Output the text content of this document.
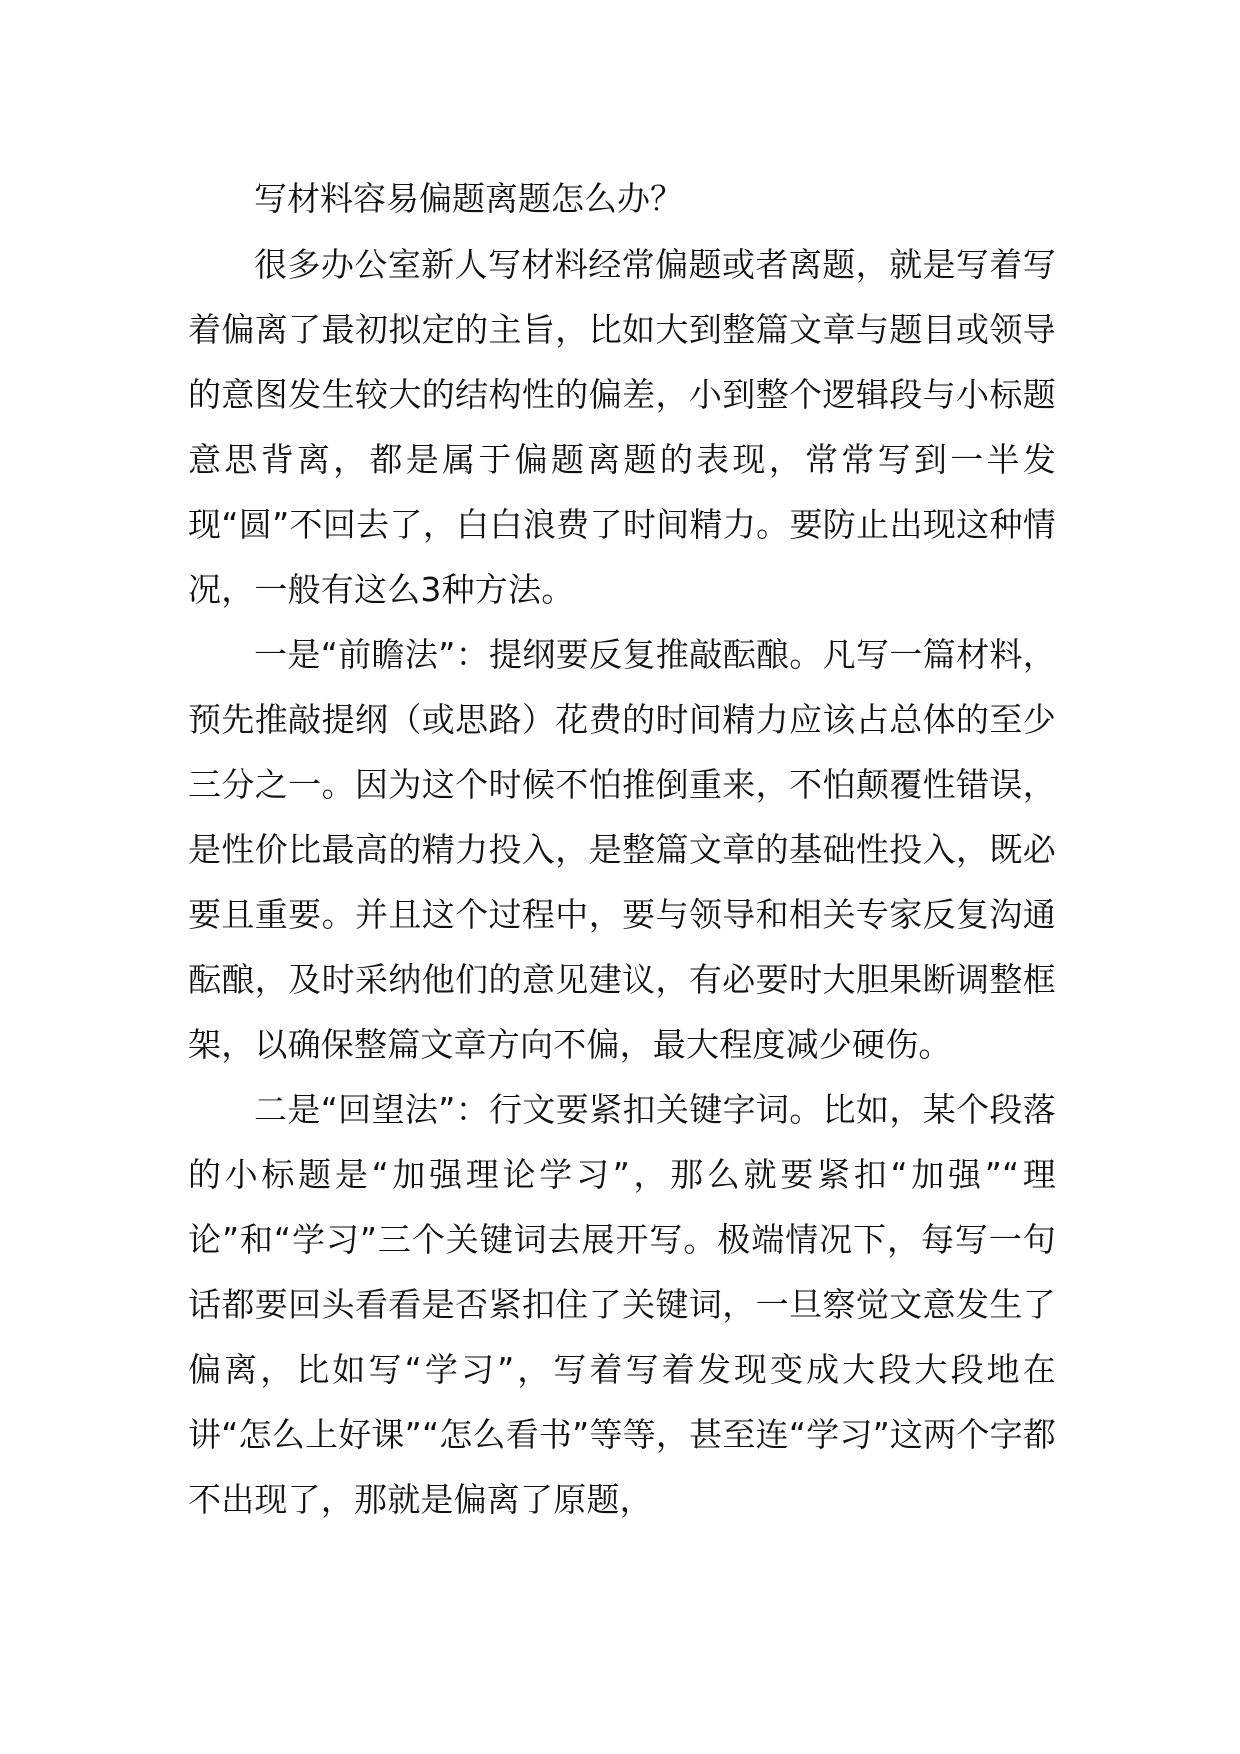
写材料容易偏题离题怎么办？

很多办公室新人写材料经常偏题或者离题，就是写着写着偏离了最初拟定的主旨，比如大到整篇文章与题目或领导的意图发生较大的结构性的偏差，小到整个逻辑段与小标题意思背离，都是属于偏题离题的表现，常常写到一半发现“圆”不回去了，白白浪费了时间精力。要防止出现这种情况，一般有这么3种方法。

一是“前瞻法”：提纲要反复推敲酝酿。凡写一篇材料，预先推敲提纲（或思路）花费的时间精力应该占总体的至少三分之一。因为这个时候不怕推倒重来，不怕颠覆性错误，是性价比最高的精力投入，是整篇文章的基础性投入，既必要且重要。并且这个过程中，要与领导和相关专家反复沟通酝酿，及时采纳他们的意见建议，有必要时大胆果断调整框架，以确保整篇文章方向不偏，最大程度减少硬伤。

二是“回望法”：行文要紧扣关键字词。比如，某个段落的小标题是“加强理论学习”，那么就要紧扣“加强”“理论”和“学习”三个关键词去展开写。极端情况下，每写一句话都要回头看看是否紧扣住了关键词，一旦察觉文意发生了偏离，比如写“学习”，写着写着发现变成大段大段地在讲“怎么上好课”“怎么看书”等等，甚至连“学习”这两个字都不出现了，那就是偏离了原题，
